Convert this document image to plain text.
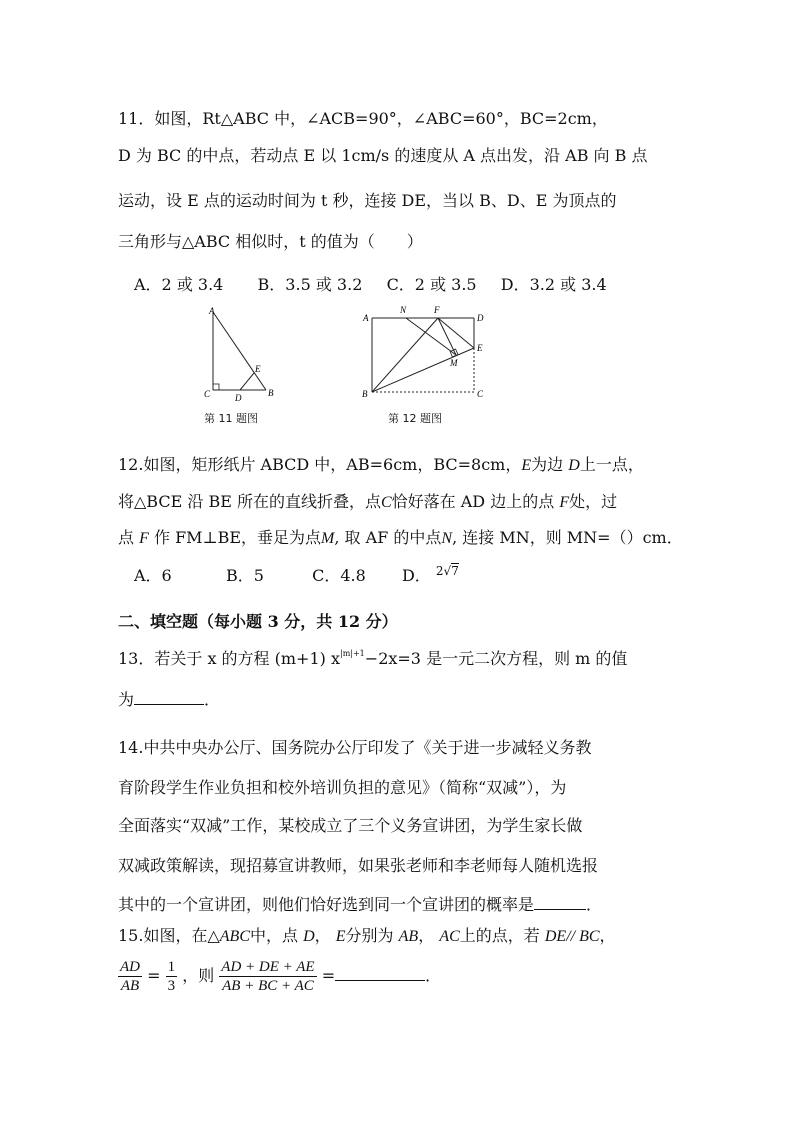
11．如图，Rt△ABC 中，∠ACB=90°，∠ABC=60°，BC=2cm，
D 为 BC 的中点，若动点 E 以 1cm/s 的速度从 A 点出发，沿 AB 向 B 点
运动，设 E 点的运动时间为 t 秒，连接 DE，当以 B、D、E 为顶点的
三角形与△ABC 相似时，t 的值为（　　）
A．2 或 3.4 B．3.5 或 3.2 C．2 或 3.5 D．3.2 或 3.4
A
C	D
E
B
第 11 题图
A
N	F
D
E
M
B	C
第 12 题图
12.如图，矩形纸片 ABCD 中，AB=6cm，BC=8cm，E为边 D上一点，
将△BCE 沿 BE 所在的直线折叠，点C恰好落在 AD 边上的点 F处，过
点 F 作 FM⊥BE，垂足为点M, 取 AF 的中点N, 连接 MN，则 MN=（）cm．
A．6	B．5	C．4.8 D． $^{2√7}$
二、填空题（每小题 3 分，共 12 分）
13．若关于 x 的方程 (m+1) $x^{|m|+1}-2x=3$ 是一元二次方程，则 m 的值
为	．
14.中共中央办公厅、国务院办公厅印发了《关于进一步减轻义务教
育阶段学生作业负担和校外培训负担的意见》（简称“双减”），为
全面落实“双减”工作，某校成立了三个义务宣讲团，为学生家长做
双减政策解读，现招募宣讲教师，如果张老师和李老师每人随机选报
其中的一个宣讲团，则他们恰好选到同一个宣讲团的概率是	．
15.如图，在△ABC中，点 D， E分别为 AB， AC上的点，若 DE// BC，
$\frac{AD}{AB} = \frac{1}{3}$ ，则 $\frac{AD + DE + AE}{AB + BC + AC}$ =	．
